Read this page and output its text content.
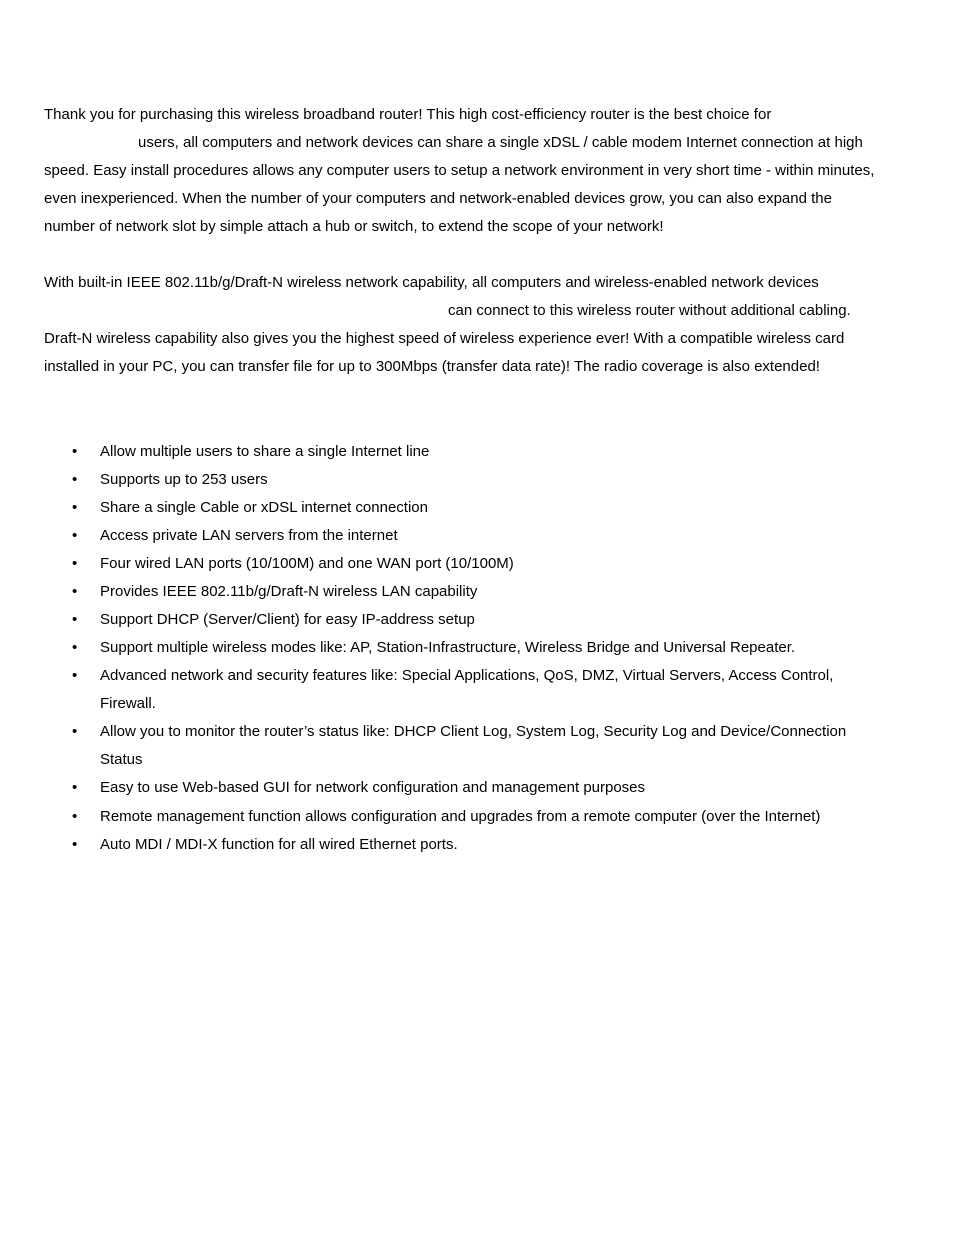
Thank you for purchasing this wireless broadband router! This high cost-efficiency router is the best choice for
users, all computers and network devices can share a single xDSL / cable modem Internet connection at high
speed. Easy install procedures allows any computer users to setup a network environment in very short time - within minutes,
even inexperienced. When the number of your computers and network-enabled devices grow, you can also expand the
number of network slot by simple attach a hub or switch, to extend the scope of your network!
With built-in IEEE 802.11b/g/Draft-N wireless network capability, all computers and wireless-enabled network devices
can connect to this wireless router without additional cabling.
Draft-N wireless capability also gives you the highest speed of wireless experience ever! With a compatible wireless card
installed in your PC, you can transfer file for up to 300Mbps (transfer data rate)! The radio coverage is also extended!
• Allow multiple users to share a single Internet line
• Supports up to 253 users
• Share a single Cable or xDSL internet connection
• Access private LAN servers from the internet
• Four wired LAN ports (10/100M) and one WAN port (10/100M)
• Provides IEEE 802.11b/g/Draft-N wireless LAN capability
• Support DHCP (Server/Client) for easy IP-address setup
• Support multiple wireless modes like: AP, Station-Infrastructure, Wireless Bridge and Universal Repeater.
• Advanced network and security features like: Special Applications, QoS, DMZ, Virtual Servers, Access Control,
Firewall.
• Allow you to monitor the router’s status like: DHCP Client Log, System Log, Security Log and Device/Connection
Status
• Easy to use Web-based GUI for network configuration and management purposes
• Remote management function allows configuration and upgrades from a remote computer (over the Internet)
• Auto MDI / MDI-X function for all wired Ethernet ports.
